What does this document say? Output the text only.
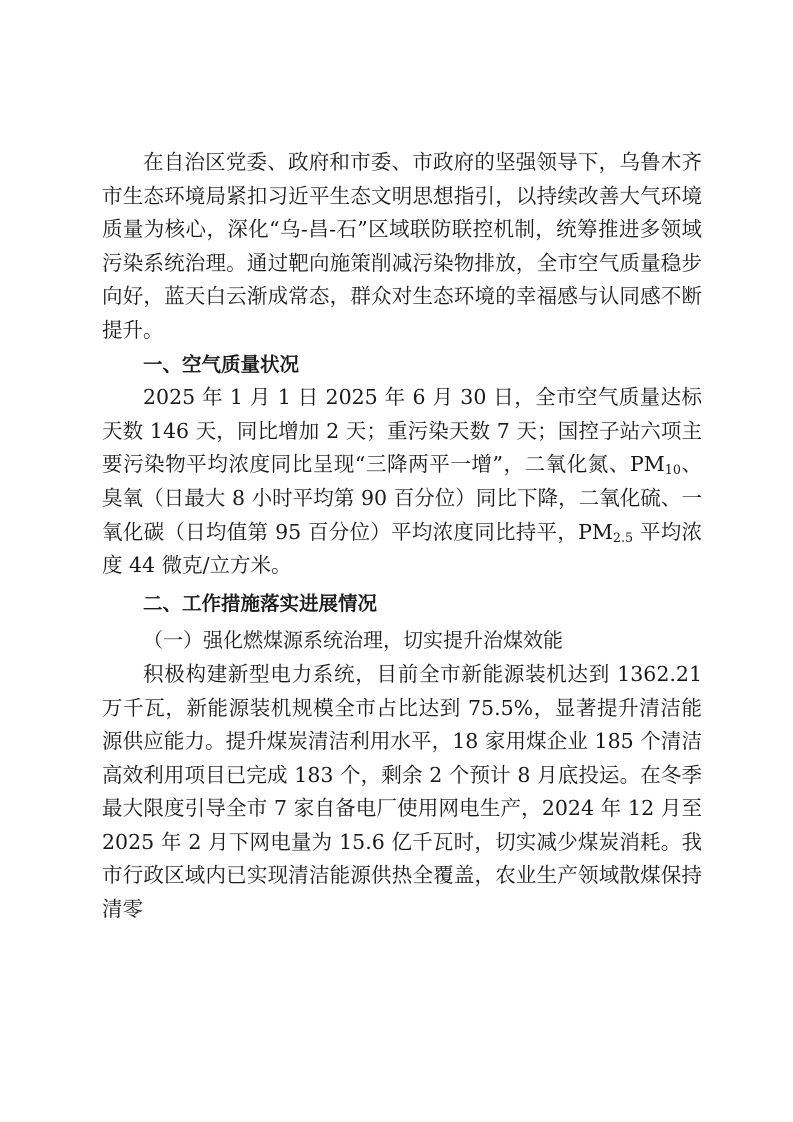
在自治区党委、政府和市委、市政府的坚强领导下，乌鲁木齐市生态环境局紧扣习近平生态文明思想指引，以持续改善大气环境质量为核心，深化“乌-昌-石”区域联防联控机制，统筹推进多领域污染系统治理。通过靶向施策削减污染物排放，全市空气质量稳步向好，蓝天白云渐成常态，群众对生态环境的幸福感与认同感不断提升。

一、空气质量状况

2025 年 1 月 1 日 2025 年 6 月 30 日，全市空气质量达标天数 146 天，同比增加 2 天；重污染天数 7 天；国控子站六项主要污染物平均浓度同比呈现“三降两平一增”，二氧化氮、$PM_{10}$、臭氧（日最大 8 小时平均第 90 百分位）同比下降，二氧化硫、一氧化碳（日均值第 95 百分位）平均浓度同比持平，$PM_{2.5}$ 平均浓度 44 微克/立方米。

二、工作措施落实进展情况

（一）强化燃煤源系统治理，切实提升治煤效能

积极构建新型电力系统，目前全市新能源装机达到 1362.21 万千瓦，新能源装机规模全市占比达到 75.5%，显著提升清洁能源供应能力。提升煤炭清洁利用水平，18 家用煤企业 185 个清洁高效利用项目已完成 183 个，剩余 2 个预计 8 月底投运。在冬季最大限度引导全市 7 家自备电厂使用网电生产，2024 年 12 月至 2025 年 2 月下网电量为 15.6 亿千瓦时，切实减少煤炭消耗。我市行政区域内已实现清洁能源供热全覆盖，农业生产领域散煤保持清零
